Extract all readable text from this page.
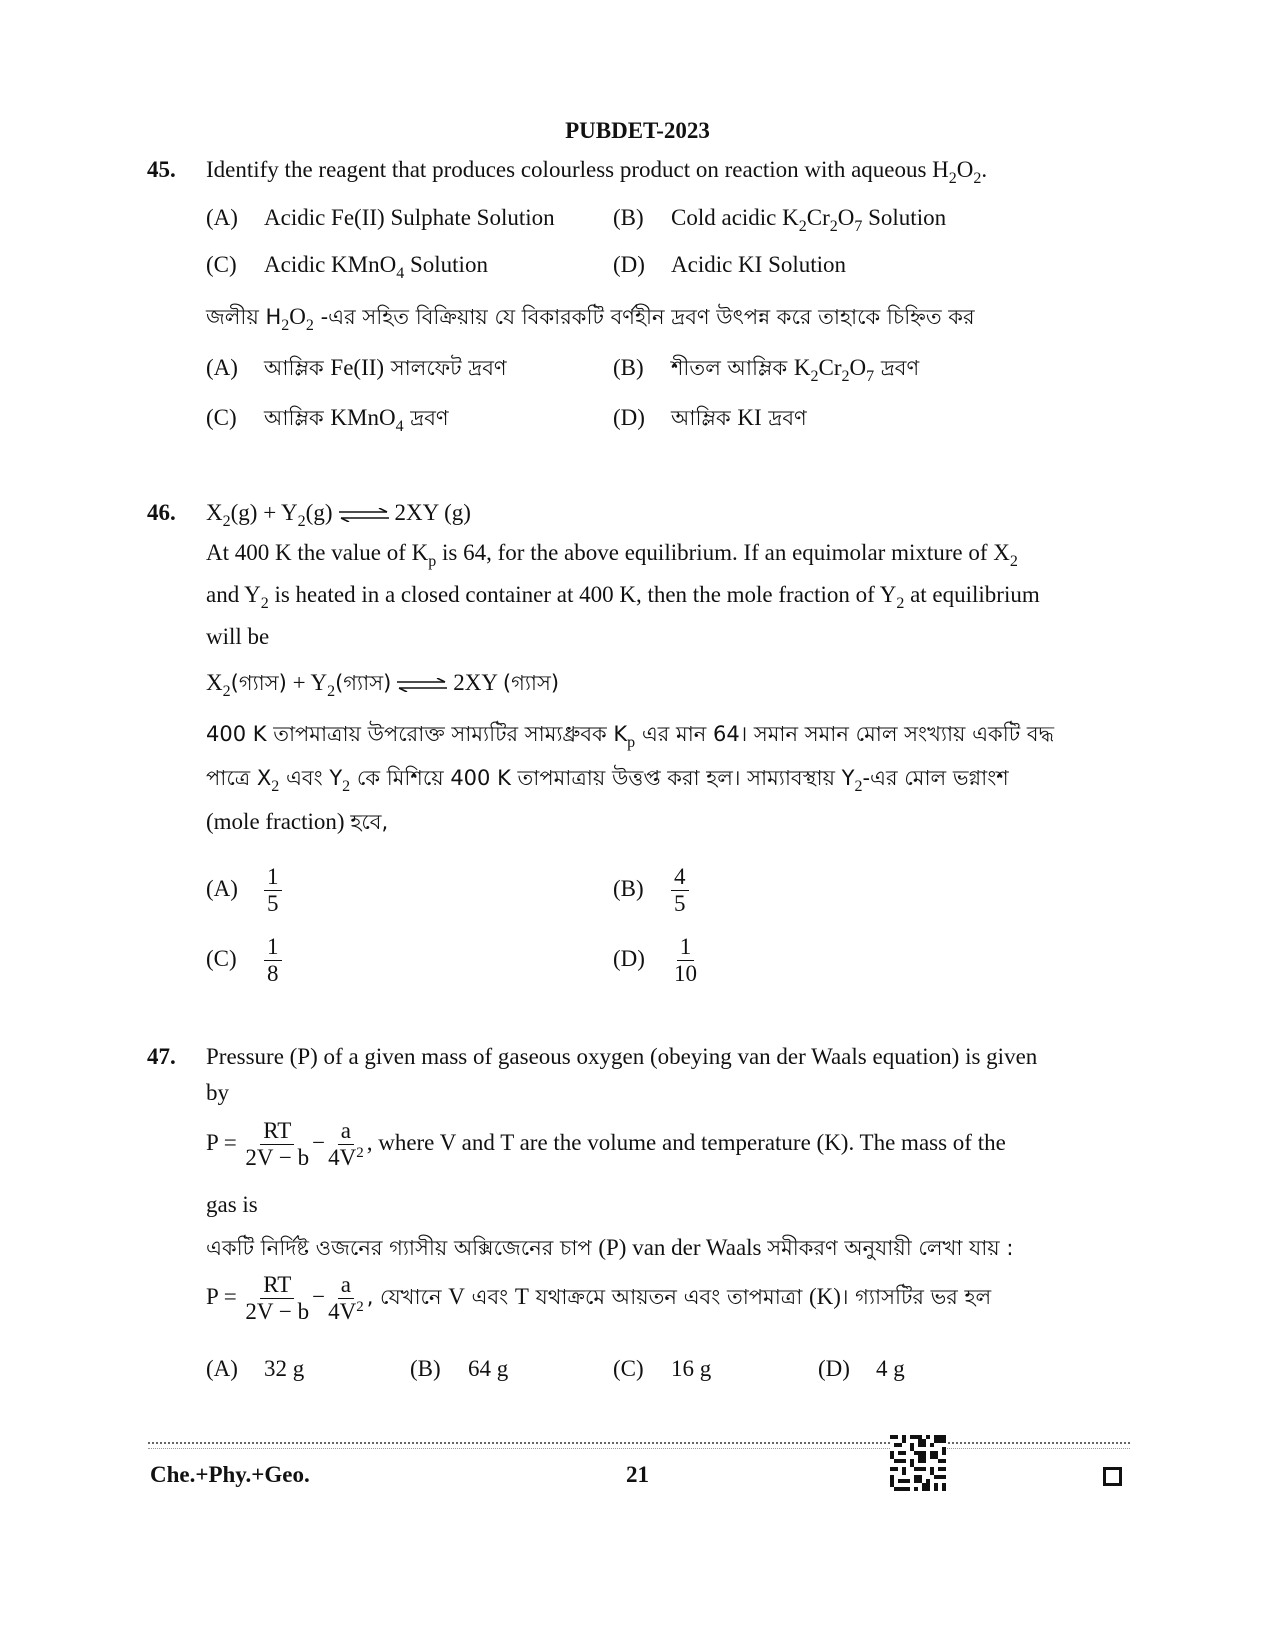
PUBDET-2023
45. Identify the reagent that produces colourless product on reaction with aqueous $H_2O_2$.
(A) Acidic Fe(II) Sulphate Solution	(B) Cold acidic $K_2Cr_2O_7$ Solution
(C) Acidic KMnO$_4$ Solution	(D) Acidic KI Solution
জলীয় $H_2O_2$ -এর সহিত বিক্রিয়ায় যে বিকারকটি বর্ণহীন দ্রবণ উৎপন্ন করে তাহাকে চিহ্নিত কর
(A) আম্লিক Fe(II) সালফেট দ্রবণ	(B) শীতল আম্লিক $K_2Cr_2O_7$ দ্রবণ
(C) আম্লিক KMnO$_4$ দ্রবণ	(D) আম্লিক KI দ্রবণ
46. $X_2(g) + Y_2(g)$ ⇌ 2XY (g)
At 400 K the value of $K_p$ is 64, for the above equilibrium. If an equimolar mixture of $X_2$
and $Y_2$ is heated in a closed container at 400 K, then the mole fraction of $Y_2$ at equilibrium
will be
$X_2(গ্যাস)$ + $Y_2(গ্যাস)$ ⇌ 2XY (গ্যাস)
400 K তাপমাত্রায় উপরোক্ত সাম্যটির সাম্যধ্রুবক $K_p$ এর মান 64। সমান সমান মোল সংখ্যায় একটি বদ্ধ
পাত্রে $X_2$ এবং $Y_2$ কে মিশিয়ে 400 K তাপমাত্রায় উত্তপ্ত করা হল। সাম্যাবস্থায় $Y_2-এর$ মোল ভগ্নাংশ
(mole fraction) হবে,
$(A) \frac{1}{5}$	$(B) \frac{4}{5}$
$(C) \frac{1}{8}$	$(D) \frac{1}{10}$
47. Pressure (P) of a given mass of gaseous oxygen (obeying van der Waals equation) is given
by
$P = \frac{RT}{2V - b} - \frac{a}{4V^2}$ , where V and T are the volume and temperature (K). The mass of the
gas is
একটি নির্দিষ্ট ওজনের গ্যাসীয় অক্সিজেনের চাপ (P) van der Waals সমীকরণ অনুযায়ী লেখা যায় :
$P = \frac{RT}{2V - b} - \frac{a}{4V^2}$ , যেখানে V এবং T যথাক্রমে আয়তন এবং তাপমাত্রা (K)। গ্যাসটির ভর হল
(A) 32 g	(B) 64 g	(C) 16 g	(D) 4 g
Che.+Phy.+Geo.	21
